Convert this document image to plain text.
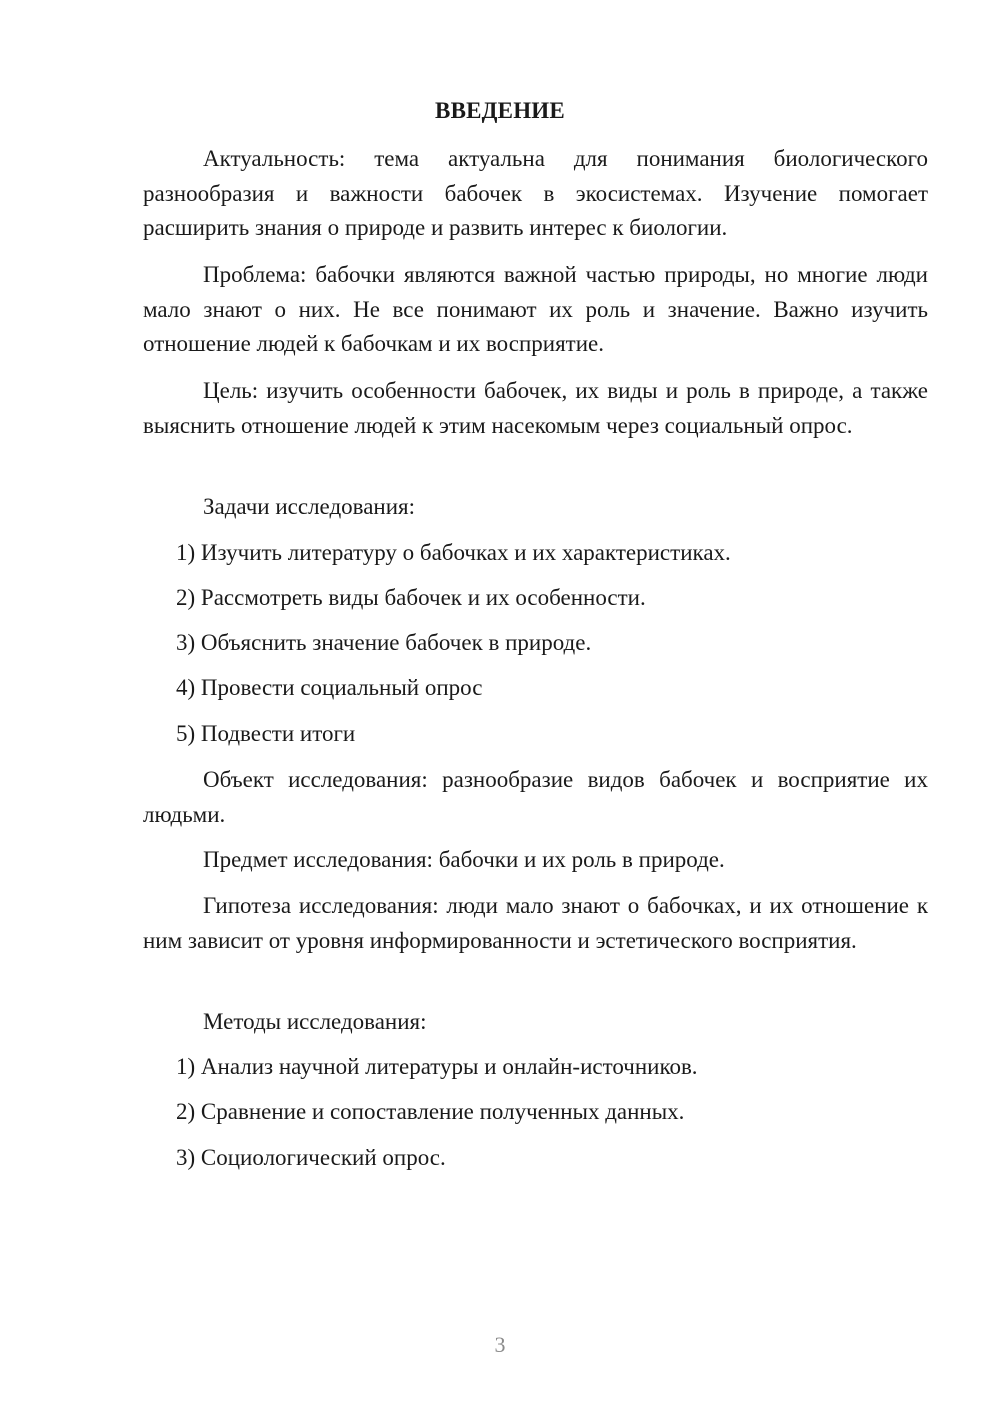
ВВЕДЕНИЕ

Актуальность: тема актуальна для понимания биологического разнообразия и важности бабочек в экосистемах. Изучение помогает расширить знания о природе и развить интерес к биологии.

Проблема: бабочки являются важной частью природы, но многие люди мало знают о них. Не все понимают их роль и значение. Важно изучить отношение людей к бабочкам и их восприятие.

Цель: изучить особенности бабочек, их виды и роль в природе, а также выяснить отношение людей к этим насекомым через социальный опрос.

Задачи исследования:

1) Изучить литературу о бабочках и их характеристиках.

2) Рассмотреть виды бабочек и их особенности.

3) Объяснить значение бабочек в природе.

4) Провести социальный опрос

5) Подвести итоги

Объект исследования: разнообразие видов бабочек и восприятие их людьми.

Предмет исследования: бабочки и их роль в природе.

Гипотеза исследования: люди мало знают о бабочках, и их отношение к ним зависит от уровня информированности и эстетического восприятия.

Методы исследования:

1) Анализ научной литературы и онлайн-источников.

2) Сравнение и сопоставление полученных данных.

3) Социологический опрос.

3
